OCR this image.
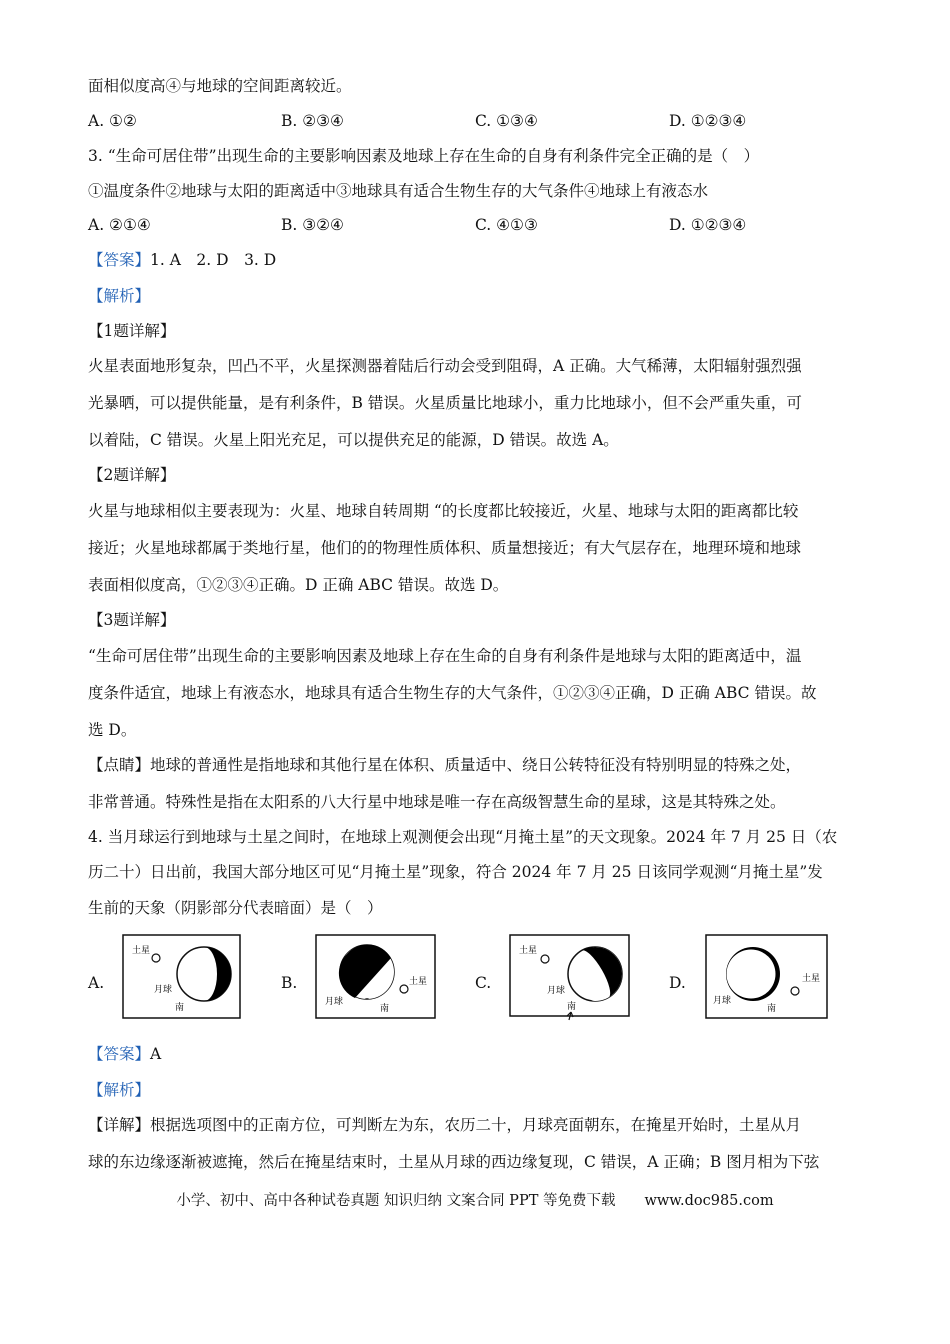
面相似度高④与地球的空间距离较近。
A. ①②	B. ②③④	C. ①③④	D. ①②③④
3. “生命可居住带”出现生命的主要影响因素及地球上存在生命的自身有利条件完全正确的是（　）
①温度条件②地球与太阳的距离适中③地球具有适合生物生存的大气条件④地球上有液态水
A. ②①④	B. ③②④	C. ④①③	D. ①②③④
【答案】1. A　2. D　3. D
【解析】
【1题详解】
火星表面地形复杂，凹凸不平，火星探测器着陆后行动会受到阻碍，A 正确。大气稀薄，太阳辐射强烈强
光暴晒，可以提供能量，是有利条件，B 错误。火星质量比地球小，重力比地球小，但不会严重失重，可
以着陆，C 错误。火星上阳光充足，可以提供充足的能源，D 错误。故选 A。
【2题详解】
火星与地球相似主要表现为：火星、地球自转周期 “的长度都比较接近，火星、地球与太阳的距离都比较
接近；火星地球都属于类地行星，他们的的物理性质体积、质量想接近；有大气层存在，地理环境和地球
表面相似度高，①②③④正确。D 正确 ABC 错误。故选 D。
【3题详解】
“生命可居住带”出现生命的主要影响因素及地球上存在生命的自身有利条件是地球与太阳的距离适中，温
度条件适宜，地球上有液态水，地球具有适合生物生存的大气条件，①②③④正确，D 正确 ABC 错误。故
选 D。
【点睛】地球的普通性是指地球和其他行星在体积、质量适中、绕日公转特征没有特别明显的特殊之处，
非常普通。特殊性是指在太阳系的八大行星中地球是唯一存在高级智慧生命的星球，这是其特殊之处。
4. 当月球运行到地球与土星之间时，在地球上观测便会出现“月掩土星”的天文现象。2024 年 7 月 25 日（农
历二十）日出前，我国大部分地区可见“月掩土星”现象，符合 2024 年 7 月 25 日该同学观测“月掩土星”发
生前的天象（阴影部分代表暗面）是（　）
A.
土星
月球
南
B.	土星
月球
南
C.
土星
月球
南
D.	土星
月球
南
【答案】A
【解析】
【详解】根据选项图中的正南方位，可判断左为东，农历二十，月球亮面朝东，在掩星开始时，土星从月
球的东边缘逐渐被遮掩，然后在掩星结束时，土星从月球的西边缘复现，C 错误，A 正确；B 图月相为下弦
小学、初中、高中各种试卷真题 知识归纳 文案合同 PPT 等免费下载　　www.doc985.com
